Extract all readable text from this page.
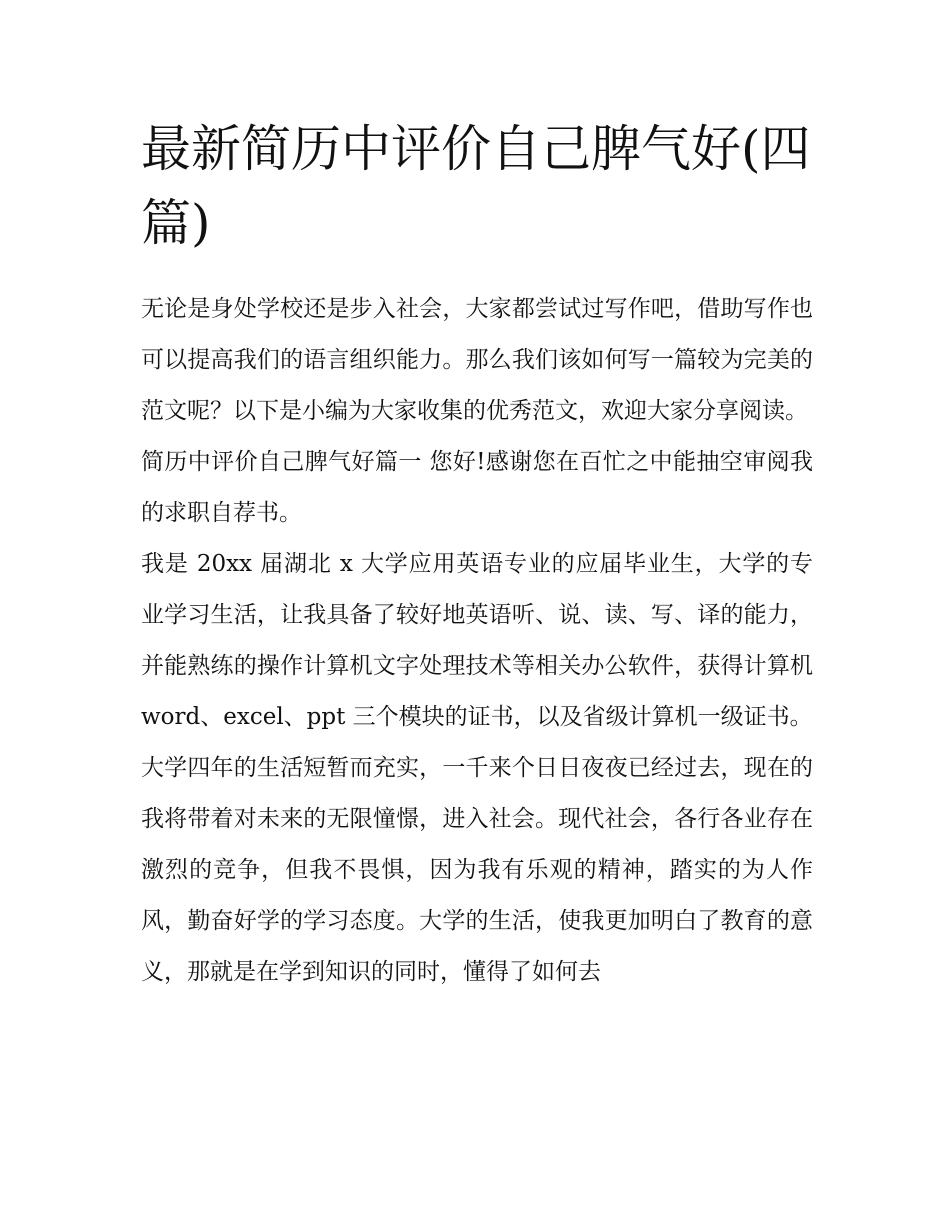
最新简历中评价自己脾气好(四篇)

无论是身处学校还是步入社会，大家都尝试过写作吧，借助写作也可以提高我们的语言组织能力。那么我们该如何写一篇较为完美的范文呢？以下是小编为大家收集的优秀范文，欢迎大家分享阅读。

简历中评价自己脾气好篇一 您好!感谢您在百忙之中能抽空审阅我的求职自荐书。

我是 20xx 届湖北 x 大学应用英语专业的应届毕业生，大学的专业学习生活，让我具备了较好地英语听、说、读、写、译的能力，并能熟练的操作计算机文字处理技术等相关办公软件，获得计算机 word、excel、ppt 三个模块的证书，以及省级计算机一级证书。

大学四年的生活短暂而充实，一千来个日日夜夜已经过去，现在的我将带着对未来的无限憧憬，进入社会。现代社会，各行各业存在激烈的竞争，但我不畏惧，因为我有乐观的精神，踏实的为人作风，勤奋好学的学习态度。大学的生活，使我更加明白了教育的意义，那就是在学到知识的同时，懂得了如何去
